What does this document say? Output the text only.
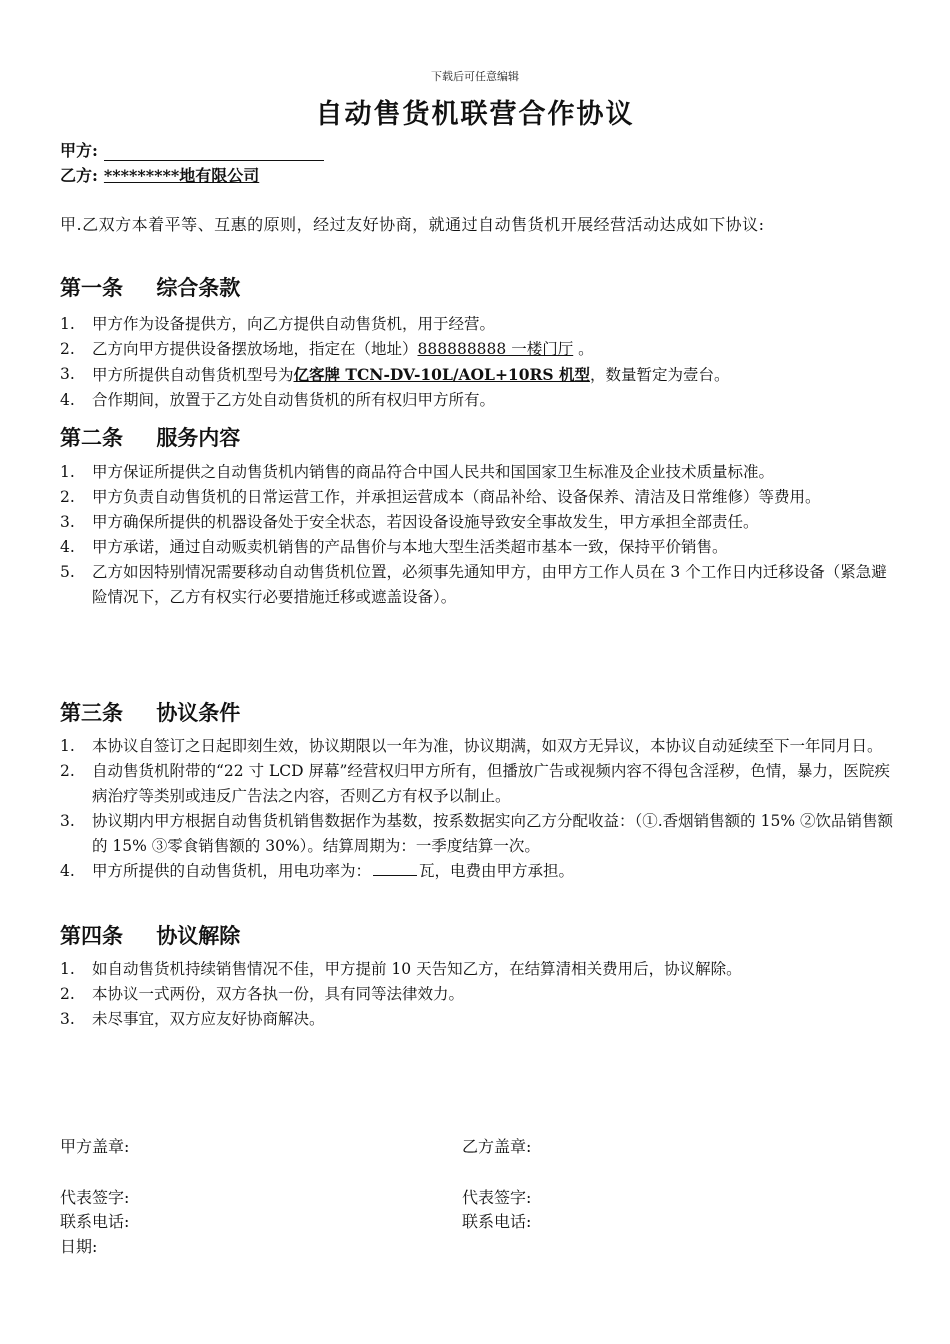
下载后可任意编辑
自动售货机联营合作协议
甲方:
乙方: *********地有限公司
甲.乙双方本着平等、互惠的原则，经过友好协商，就通过自动售货机开展经营活动达成如下协议:
第一条 综合条款
1.	甲方作为设备提供方，向乙方提供自动售货机，用于经营。
2.	乙方向甲方提供设备摆放场地，指定在（地址）888888888 一楼门厅 。
3.	甲方所提供自动售货机型号为亿客牌 TCN-DV-10L/AOL+10RS 机型，数量暂定为壹台。
4.	合作期间，放置于乙方处自动售货机的所有权归甲方所有。
第二条 服务内容
1.	甲方保证所提供之自动售货机内销售的商品符合中国人民共和国国家卫生标准及企业技术质量标准。
2.	甲方负责自动售货机的日常运营工作，并承担运营成本（商品补给、设备保养、清洁及日常维修）等费用。
3.	甲方确保所提供的机器设备处于安全状态，若因设备设施导致安全事故发生，甲方承担全部责任。
4.	甲方承诺，通过自动贩卖机销售的产品售价与本地大型生活类超市基本一致，保持平价销售。
5.	乙方如因特别情况需要移动自动售货机位置，必须事先通知甲方，由甲方工作人员在 3 个工作日内迁移设备（紧急避险情况下，乙方有权实行必要措施迁移或遮盖设备）。
第三条 协议条件
1.	本协议自签订之日起即刻生效，协议期限以一年为准，协议期满，如双方无异议，本协议自动延续至下一年同月日。
2.	自动售货机附带的“22 寸 LCD 屏幕”经营权归甲方所有，但播放广告或视频内容不得包含淫秽，色情，暴力，医院疾病治疗等类别或违反广告法之内容，否则乙方有权予以制止。
3.	协议期内甲方根据自动售货机销售数据作为基数，按系数据实向乙方分配收益：（①.香烟销售额的 15% ②饮品销售额的 15% ③零食销售额的 30%）。结算周期为：一季度结算一次。
4.	甲方所提供的自动售货机，用电功率为：	瓦，电费由甲方承担。
第四条 协议解除
1.	如自动售货机持续销售情况不佳，甲方提前 10 天告知乙方，在结算清相关费用后，协议解除。
2.	本协议一式两份，双方各执一份，具有同等法律效力。
3.	未尽事宜，双方应友好协商解决。
甲方盖章:	乙方盖章:
代表签字:	代表签字:
联系电话:	联系电话:
日期:
